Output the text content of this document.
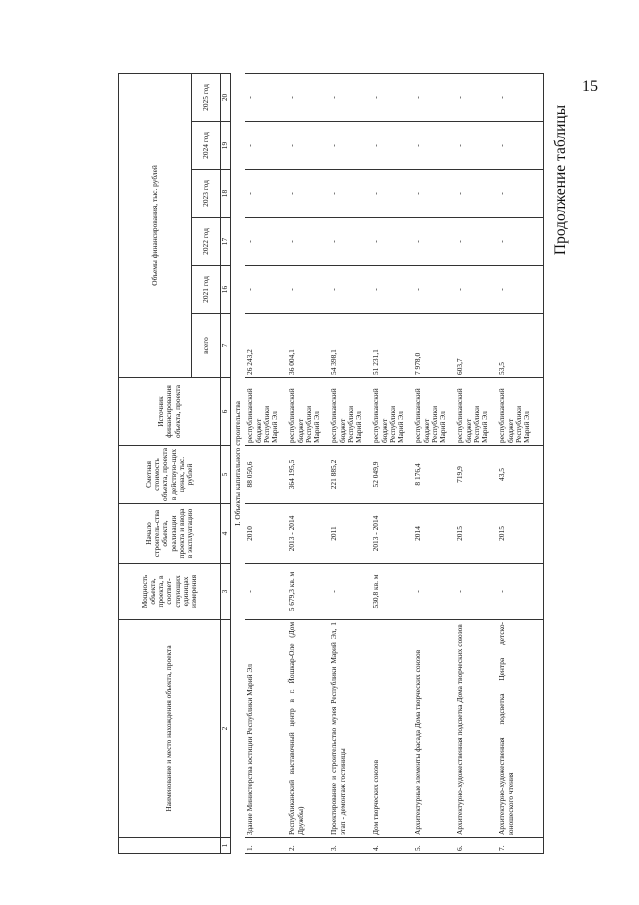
15
Продолжение таблицы
	Наименование и место нахождения объекта, проекта	Мощность объекта, проекта, в соответ-ствующих единицах измерения	Начало строитель-ства объекта, реализации проекта и ввода в эксплуатацию	Сметная стоимость объекта, проекта в действую-щих ценах, тыс. рублей	Источник финансирования объекта, проекта	Объемы финансирования, тыс. рублей					
						всего	2021 год	2022 год	2023 год	2024 год	2025 год
1	2	3	4	5	6	7	16	17	18	19	20
I. Объекты капитального строительства											
1.	Здание Министерства юстиции Республики Марий Эл	-	2010	88 050,6	республиканский бюджет Республики Марий Эл	26 243,2	-	-	-	-	-
2.	Республиканский выставочный центр в г. Йошкар-Оле (Дом Дружбы)	5 679,3 кв. м	2013 - 2014	364 195,5	республиканский бюджет Республики Марий Эл	36 004,1	-	-	-	-	-
3.	Проектирование и строительство музея Республики Марий Эл, 1 этап - демонтаж гостиницы	-	2011	221 885,2	республиканский бюджет Республики Марий Эл	54 398,1	-	-	-	-	-
4.	Дом творческих союзов	530,8 кв. м	2013 - 2014	52 049,9	республиканский бюджет Республики Марий Эл	51 231,1	-	-	-	-	-
5.	Архитектурные элементы фасада Дома творческих союзов	-	2014	8 176,4	республиканский бюджет Республики Марий Эл	7 978,0	-	-	-	-	-
6.	Архитектурно-художественная подсветка Дома творческих союзов	-	2015	719,9	республиканский бюджет Республики Марий Эл	603,7	-	-	-	-	-
7.	Архитектурно-художественная подсветка Центра детско-юношеского чтения	-	2015	43,5	республиканский бюджет Республики Марий Эл	53,5	-	-	-	-	-
